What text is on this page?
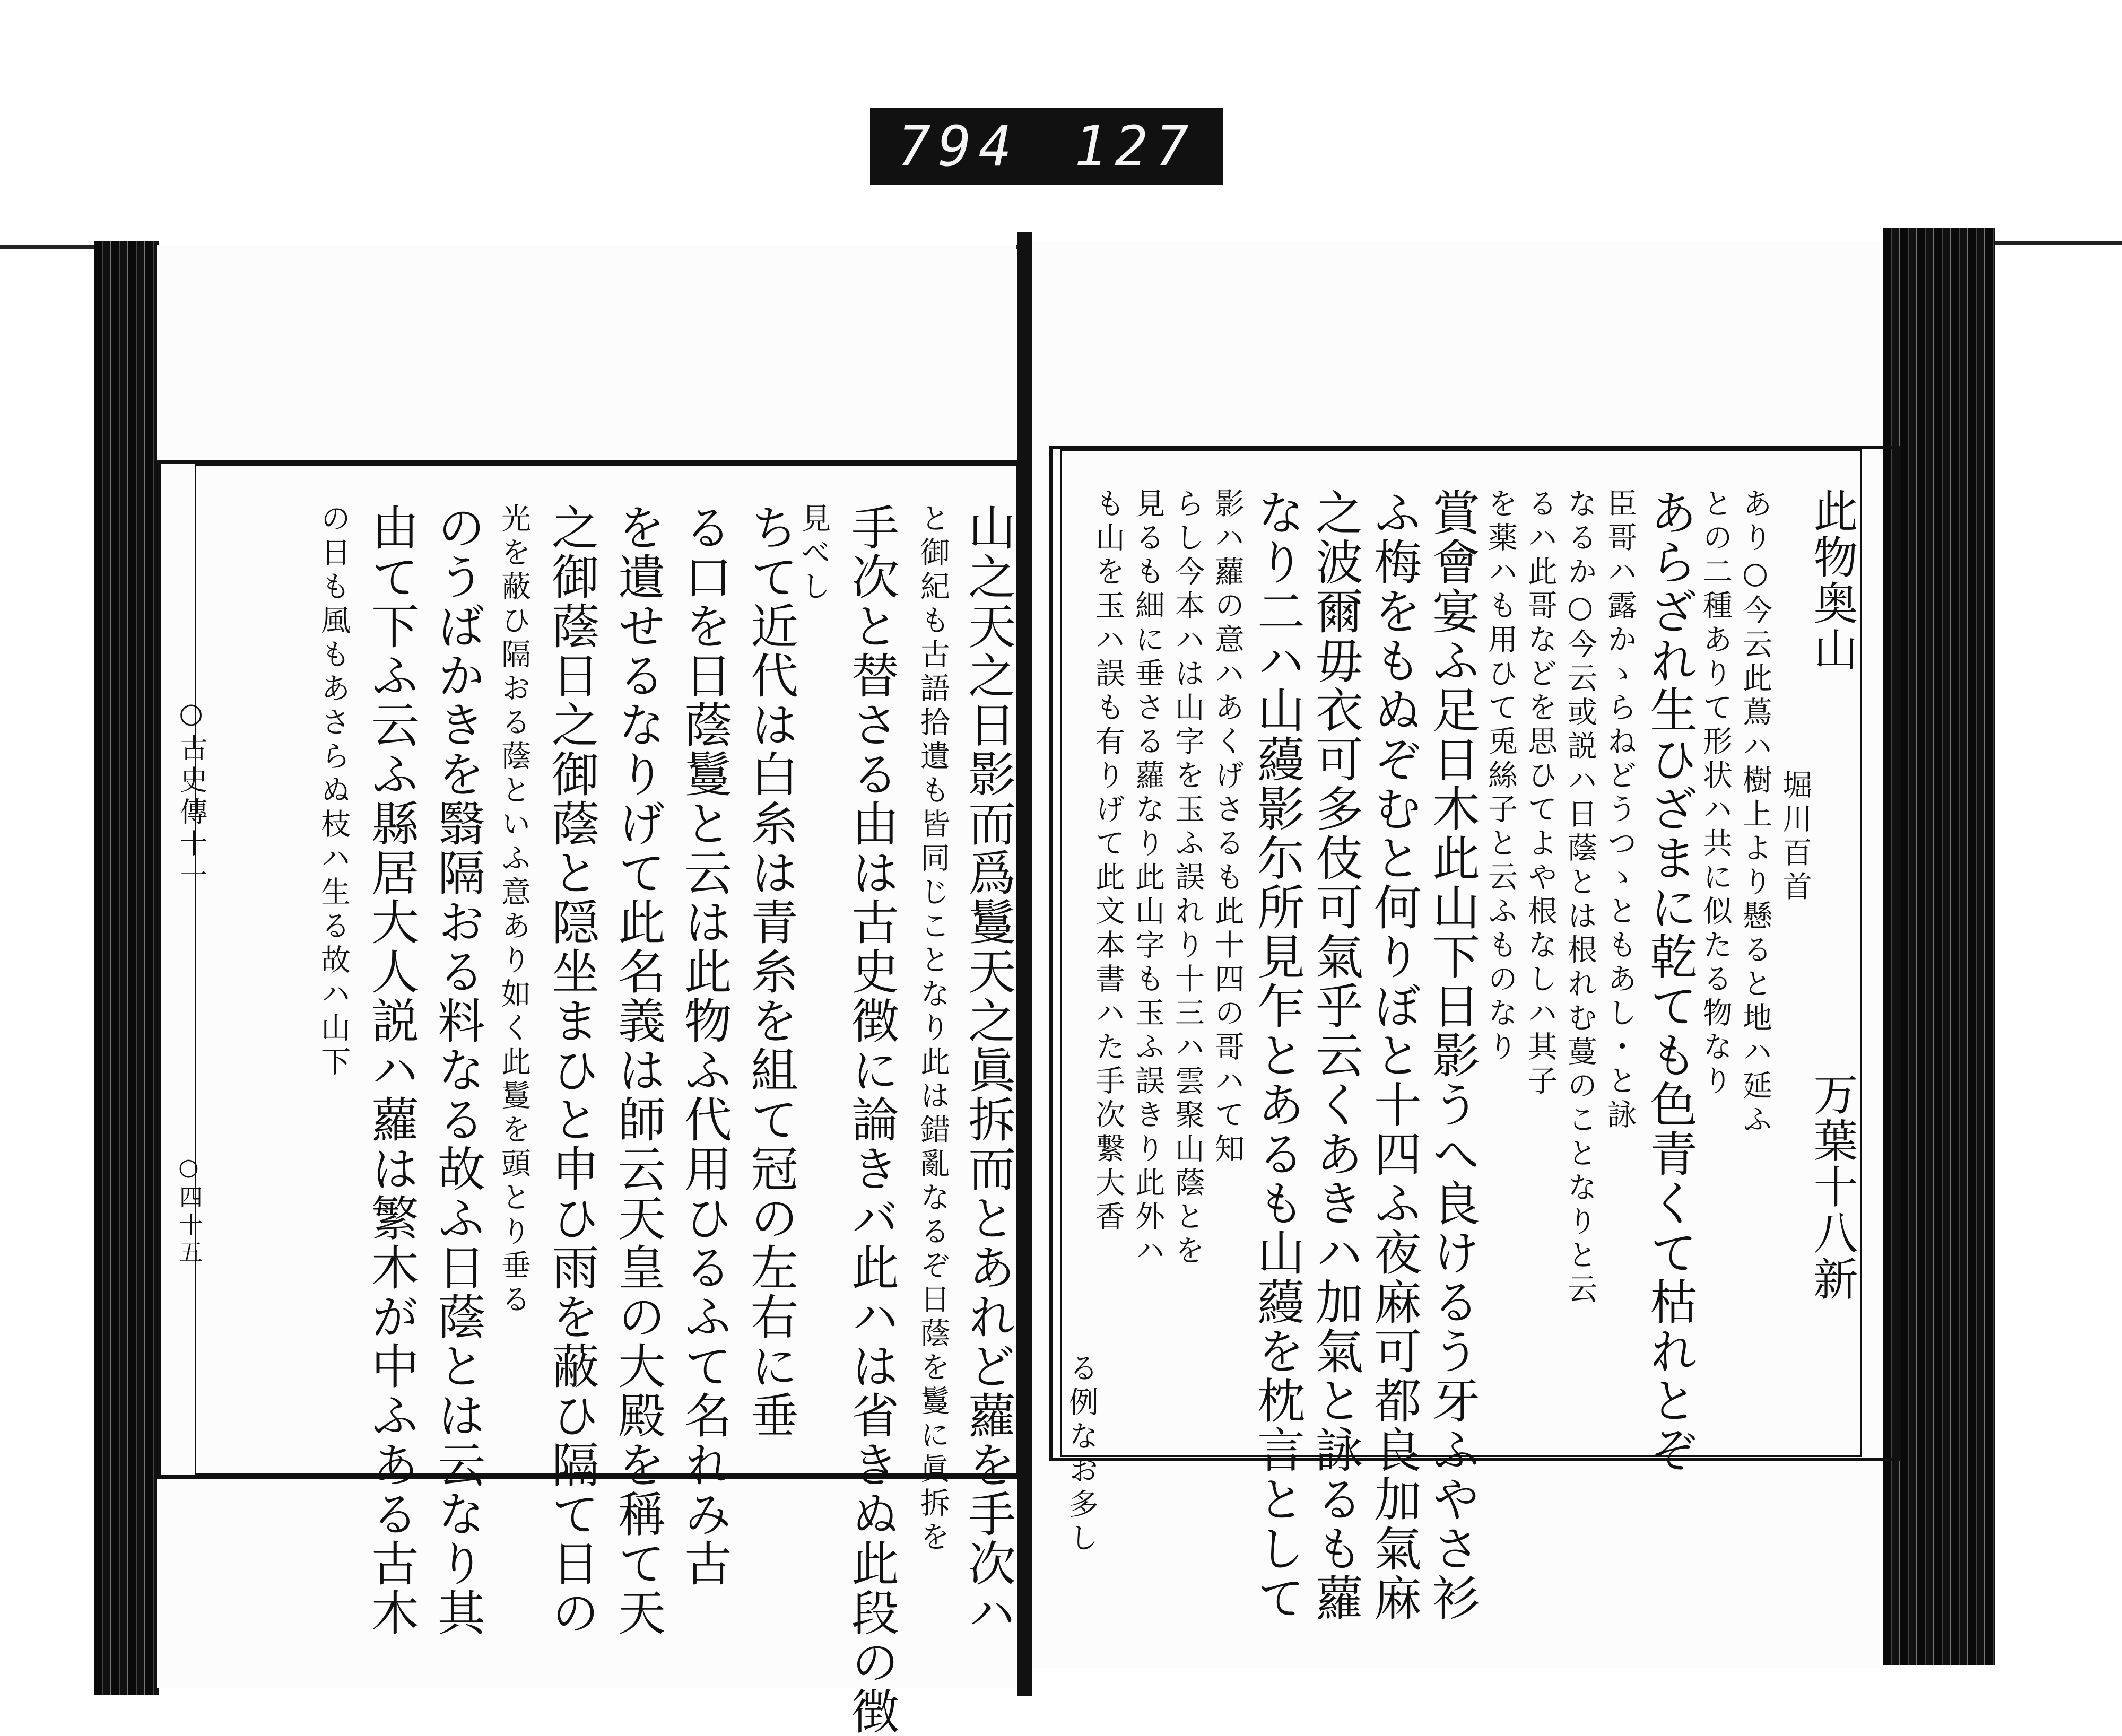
794 127
○古史傳十一
○四十五	山之天之日影而爲鬘天之眞拆而とあれど蘿を手次ハ
と御紀も古語拾遺も皆同じことなり此は錯亂なるぞ日蔭を鬘に眞拆を
手次と替さる由は古史徴に論きバ此ハは省きぬ此段の徴
見べし
ちて近代は白糸は青糸を組て冠の左右に垂
る口を日蔭鬘と云は此物ふ代用ひるふて名れみ古
を遺せるなりげて此名義は師云天皇の大殿を稱て天
之御蔭日之御蔭と隠坐まひと申ひ雨を蔽ひ隔て日の
光を蔽ひ隔おる蔭といふ意あり如く此鬘を頭とり垂る
のうばかきを翳隔おる料なる故ふ日蔭とは云なり其
由て下ふ云ふ縣居大人説ハ蘿は繁木が中ふある古木
の日も風もあさらぬ枝ハ生る故ハ山下	此物奥山
堀川百首
万葉十八新
あり○今云此蔦ハ樹上より懸ると地ハ延ふ
との二種ありて形状ハ共に似たる物なり
あらざれ生ひざまに乾ても色青くて枯れとぞ
臣哥ハ露かゝらねどうつゝともあし・と詠
なるか○今云或説ハ日蔭とは根れむ蔓のことなりと云
るハ此哥などを思ひてよや根なしハ其子
を薬ハも用ひて兎絲子と云ふものなり
賞會宴ふ足日木此山下日影うへ良けるう牙ふやさ衫
ふ梅をもぬぞむと何りぼと十四ふ夜麻可都良加氣麻
之波爾毋衣可多伎可氣乎云くあきハ加氣と詠るも蘿
なり二ハ山蘰影尓所見乍とあるも山蘰を枕言として
影ハ蘿の意ハあくげさるも此十四の哥ハて知
らし今本ハは山字を玉ふ誤れり十三ハ雲聚山蔭とを
見るも細に垂さる蘿なり此山字も玉ふ誤きり此外ハ
も山を玉ハ誤も有りげて此文本書ハた手次繋大香
る例なお多し
